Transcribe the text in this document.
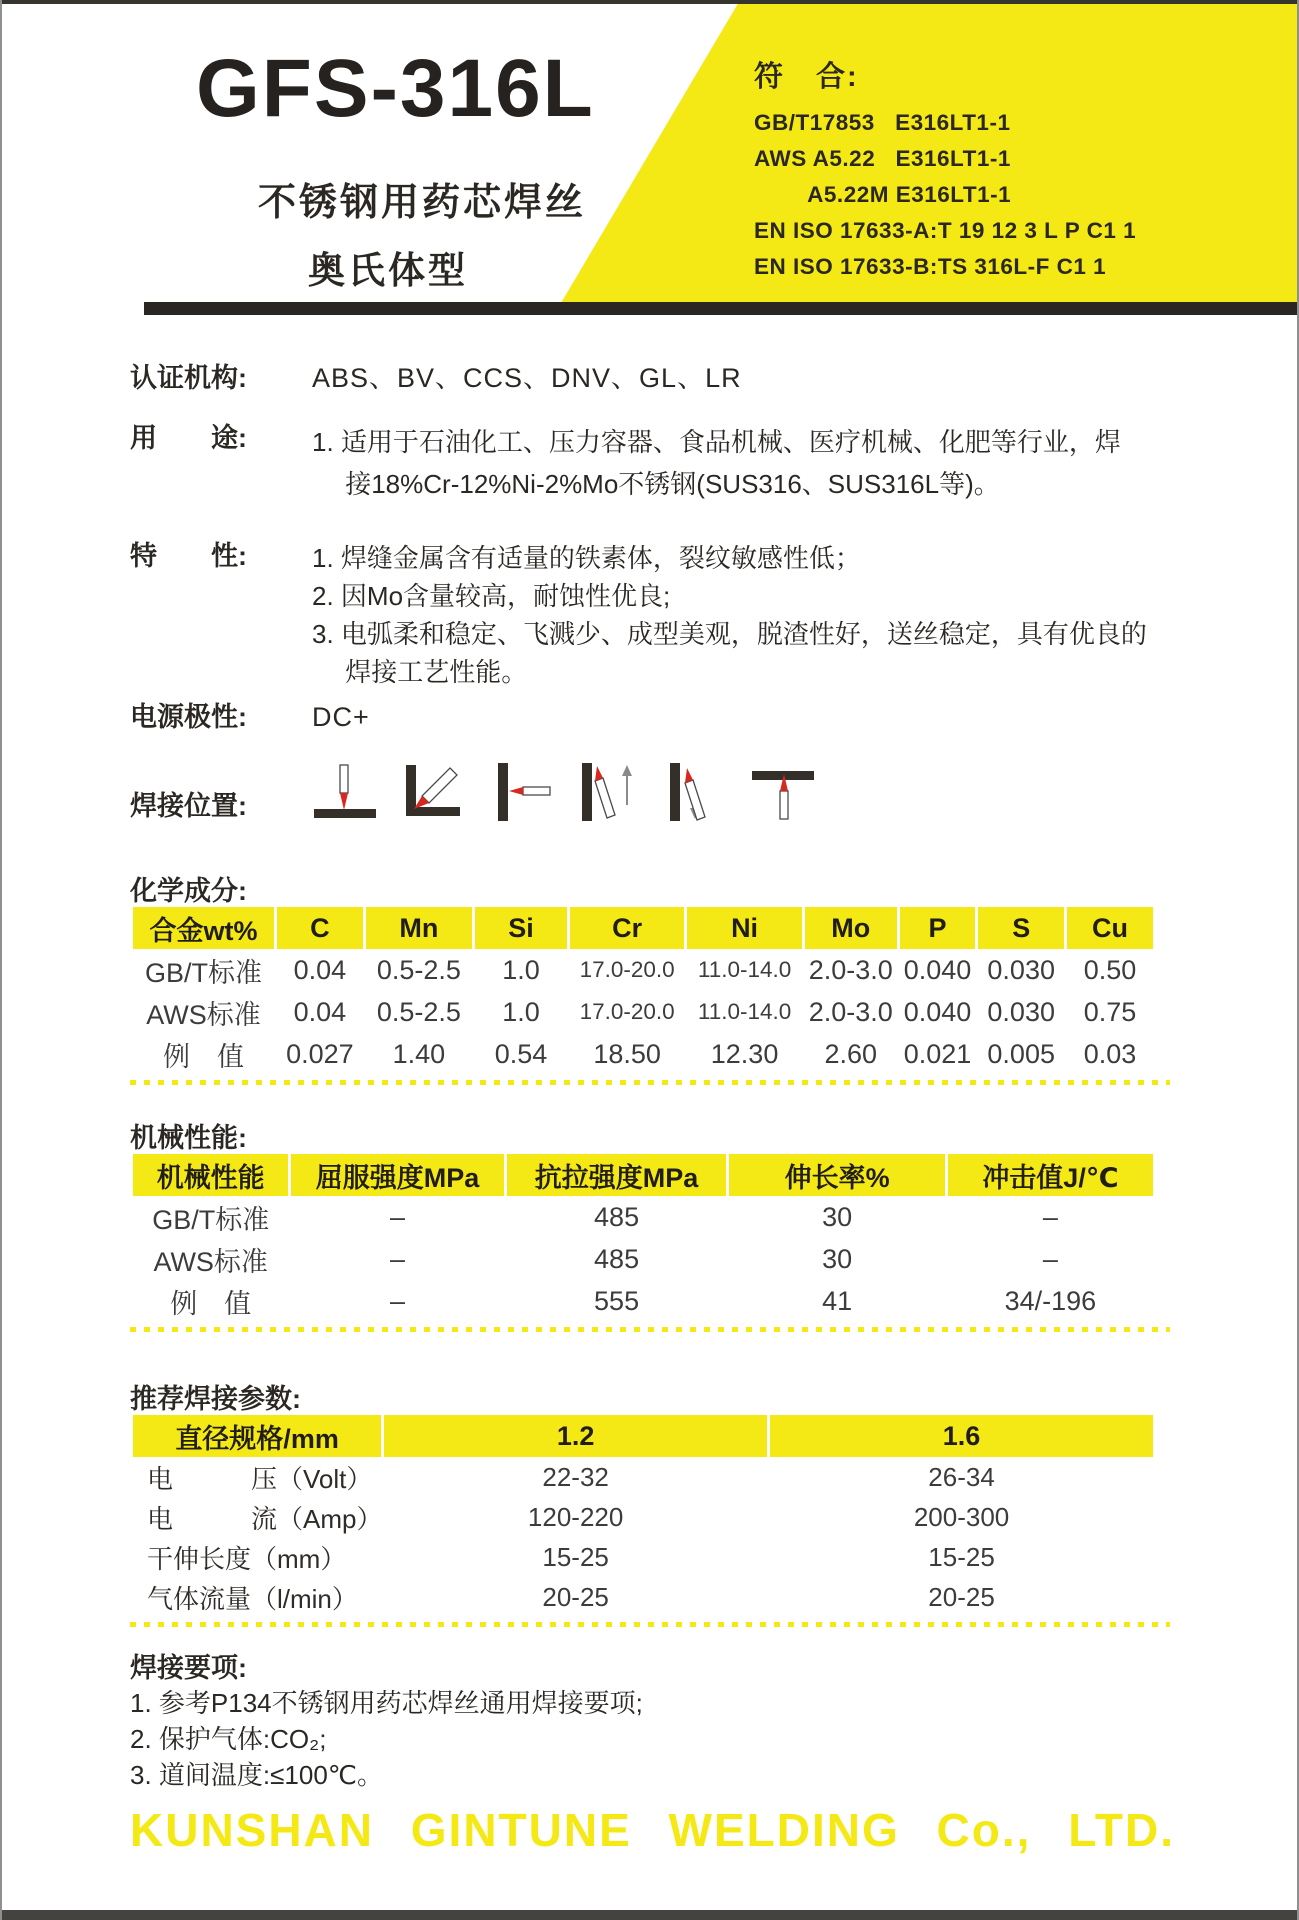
GFS-316L
不锈钢用药芯焊丝
奥氏体型
符　合:
GB/T17853   E316LT1-1
AWS A5.22   E316LT1-1
A5.22M E316LT1-1
EN ISO 17633-A:T 19 12 3 L P C1 1
EN ISO 17633-B:TS 316L-F C1 1
认证机构:	ABS、BV、CCS、DNV、GL、LR
用　　途:	1. 适用于石油化工、压力容器、食品机械、医疗机械、化肥等行业，焊
　 接18%Cr-12%Ni-2%Mo不锈钢(SUS316、SUS316L等)。
特　　性:	1. 焊缝金属含有适量的铁素体，裂纹敏感性低；
2. 因Mo含量较高，耐蚀性优良;
3. 电弧柔和稳定、飞溅少、成型美观，脱渣性好，送丝稳定，具有优良的
　 焊接工艺性能。
电源极性:	DC+
焊接位置:
化学成分:
合金wt%	C	Mn	Si	Cr	Ni	Mo	P	S	Cu
GB/T标准	0.04	0.5-2.5	1.0	17.0-20.0	11.0-14.0	2.0-3.0	0.040	0.030	0.50
AWS标准	0.04	0.5-2.5	1.0	17.0-20.0	11.0-14.0	2.0-3.0	0.040	0.030	0.75
例　值	0.027	1.40	0.54	18.50	12.30	2.60	0.021	0.005	0.03
机械性能:
机械性能	屈服强度MPa	抗拉强度MPa	伸长率%	冲击值J/℃
GB/T标准	–	485	30	–
AWS标准	–	485	30	–
例　值	–	555	41	34/-196
推荐焊接参数:
直径规格/mm	1.2	1.6
电　　　压（Volt）	22-32	26-34
电　　　流（Amp）	120-220	200-300
干伸长度（mm）	15-25	15-25
气体流量（l/min）	20-25	20-25
焊接要项:
1. 参考P134不锈钢用药芯焊丝通用焊接要项;
2. 保护气体:CO₂;
3. 道间温度:≤100℃。
KUNSHAN GINTUNE WELDING Co., LTD.
